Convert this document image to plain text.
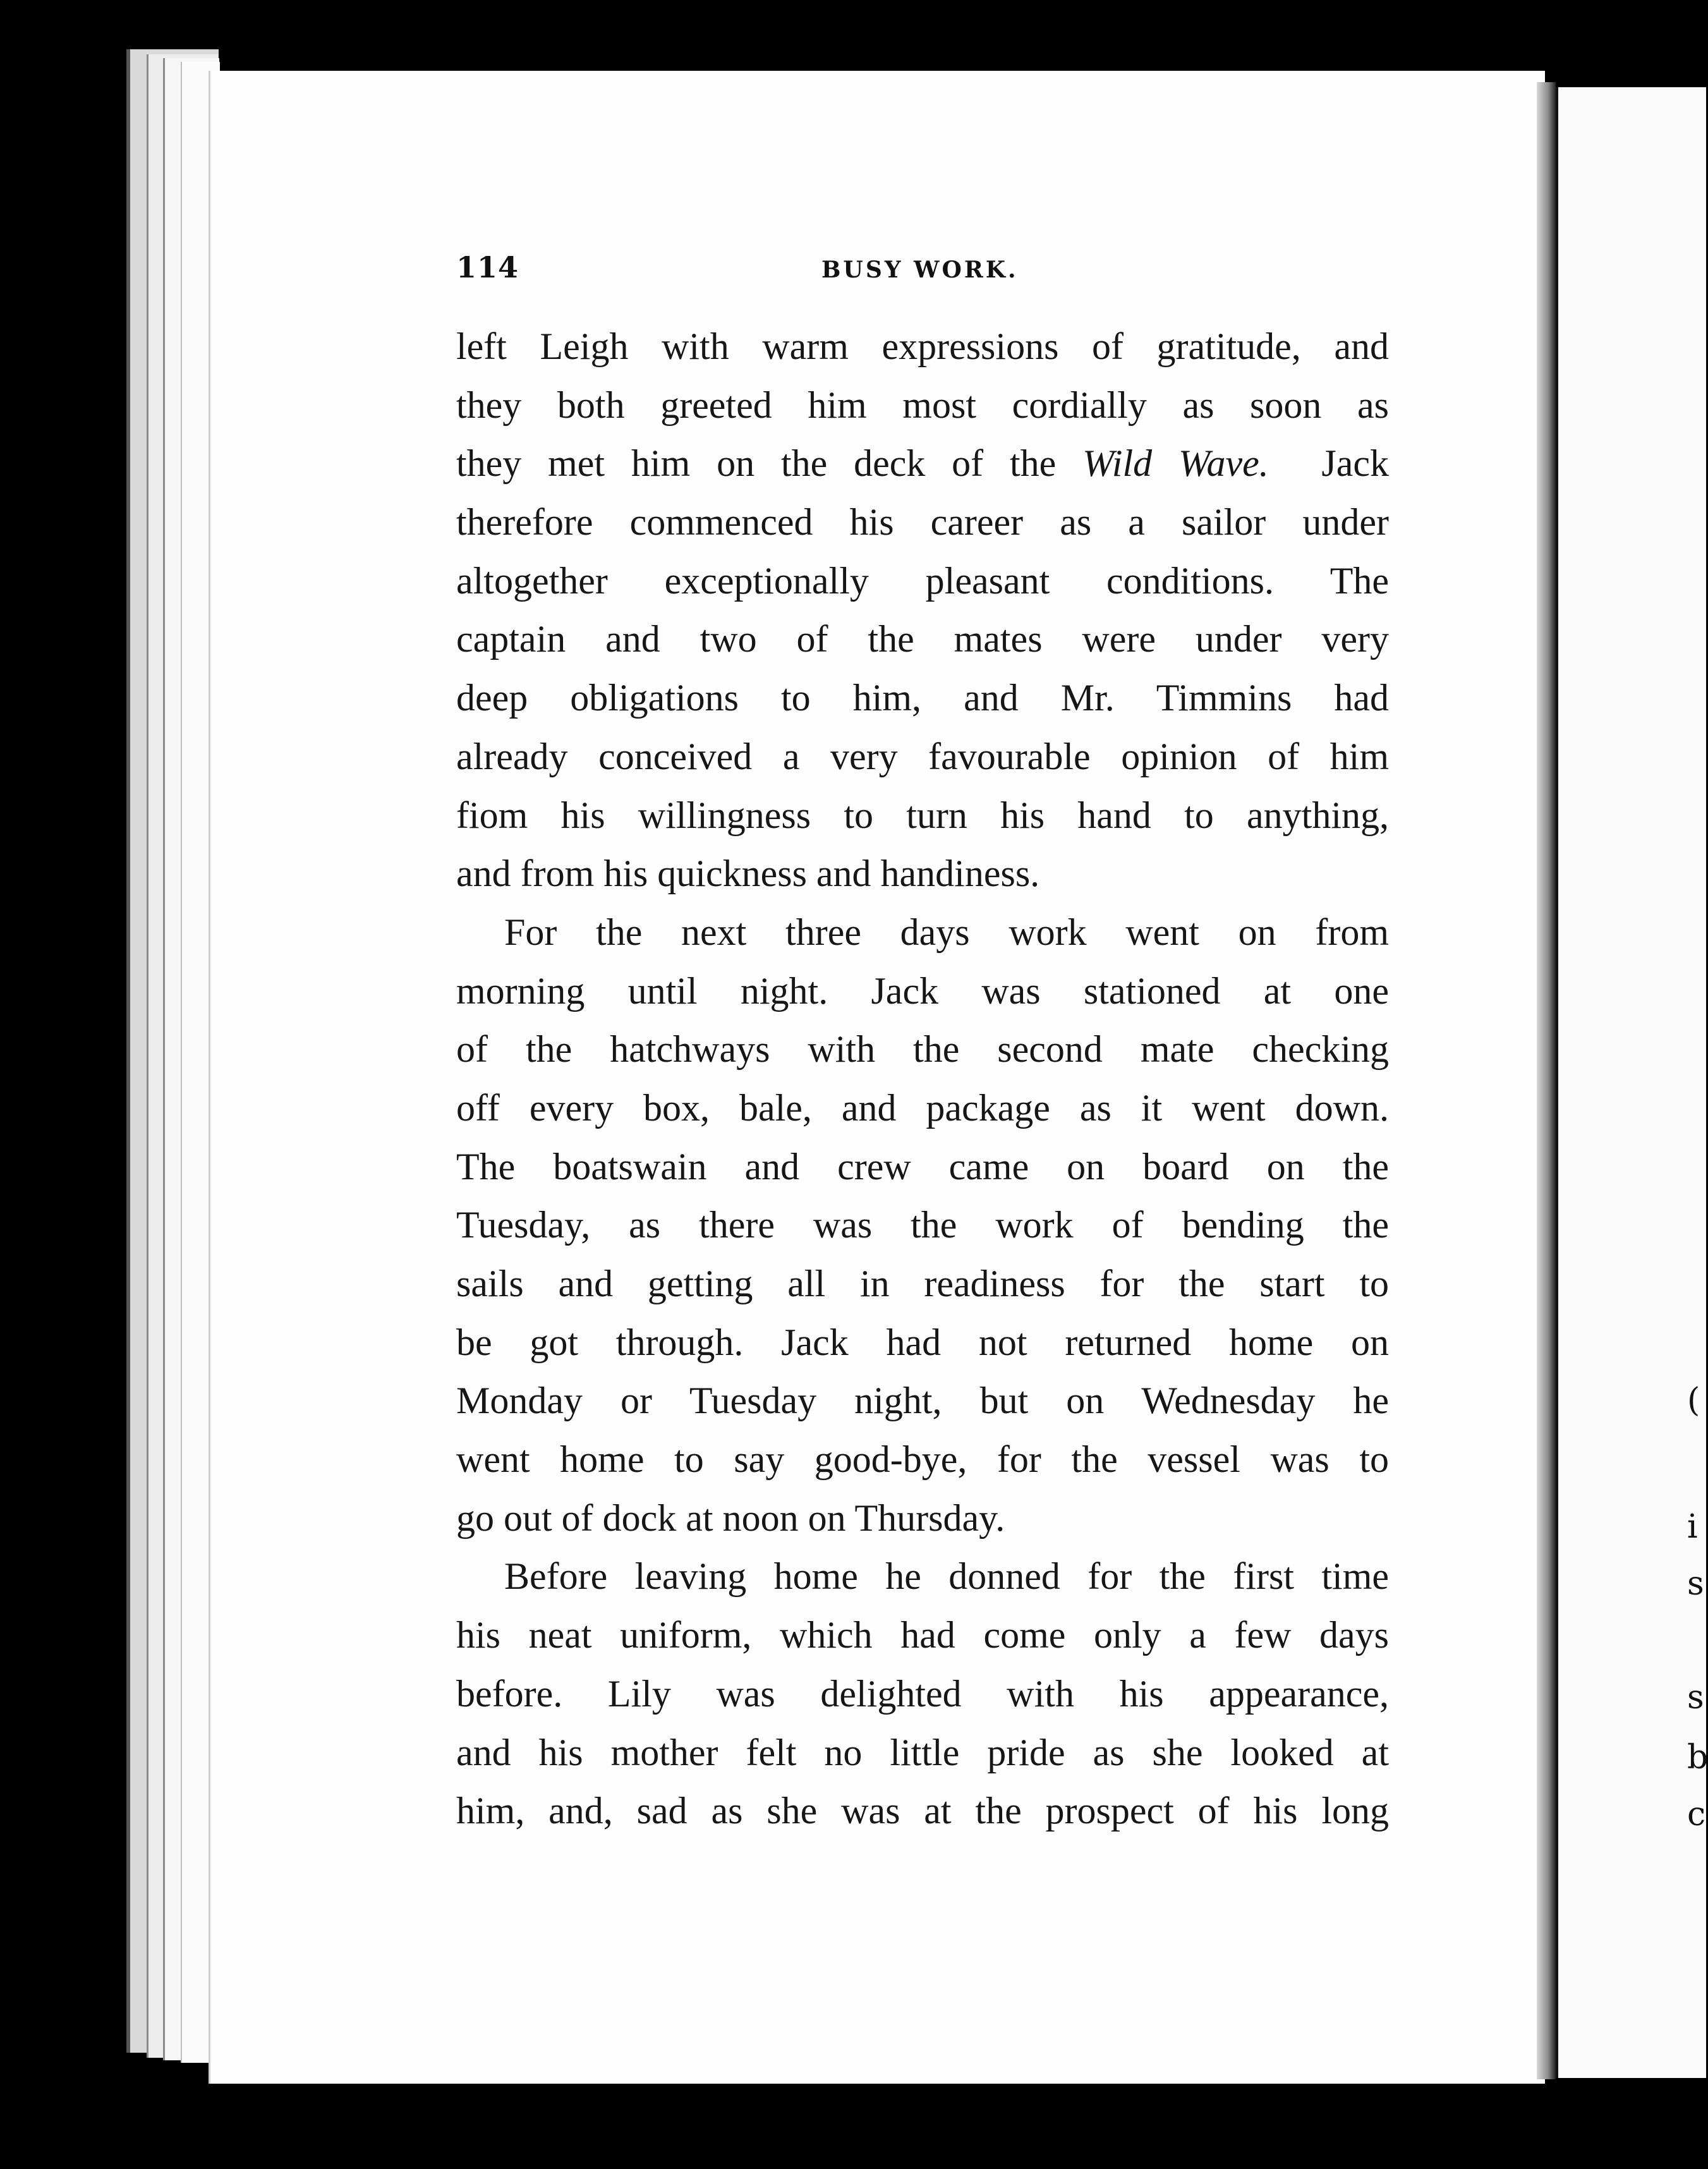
114	BUSY WORK.
left Leigh with warm expressions of gratitude, and
they both greeted him most cordially as soon as
they met him on the deck of the Wild Wave. Jack
therefore commenced his career as a sailor under
altogether exceptionally pleasant conditions. The
captain and two of the mates were under very
deep obligations to him, and Mr. Timmins had
already conceived a very favourable opinion of him
fiom his willingness to turn his hand to anything,
and from his quickness and handiness.
For the next three days work went on from
morning until night. Jack was stationed at one
of the hatchways with the second mate checking
off every box, bale, and package as it went down.
The boatswain and crew came on board on the
Tuesday, as there was the work of bending the
sails and getting all in readiness for the start to
be got through. Jack had not returned home on
Monday or Tuesday night, but on Wednesday he
went home to say good-bye, for the vessel was to
go out of dock at noon on Thursday.
Before leaving home he donned for the first time
his neat uniform, which had come only a few days
before. Lily was delighted with his appearance,
and his mother felt no little pride as she looked at
him, and, sad as she was at the prospect of his long
(
i
s
s
b
c
